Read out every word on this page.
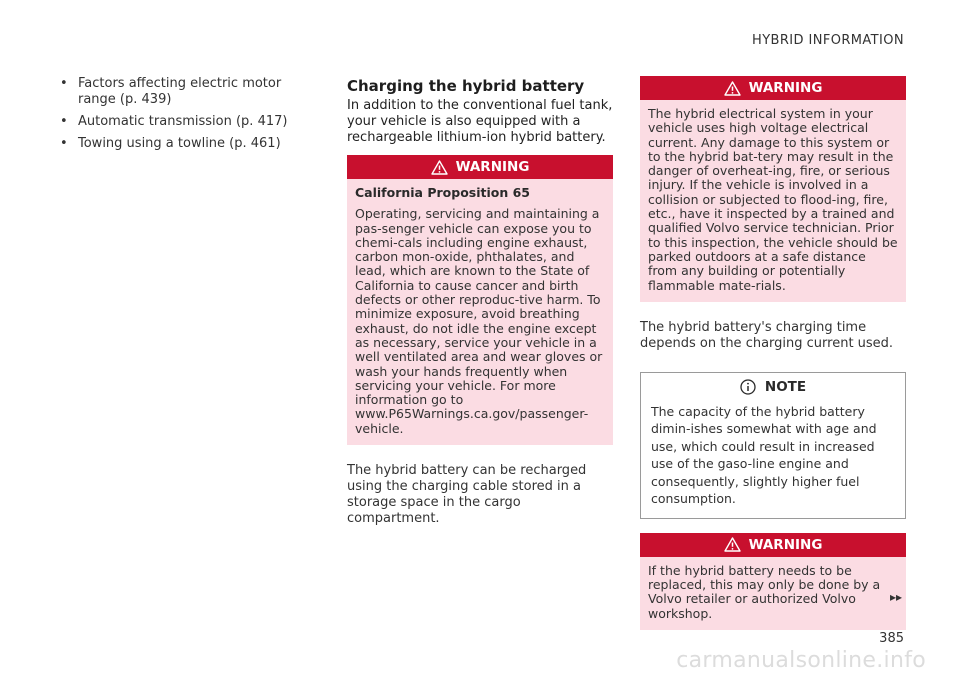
HYBRID INFORMATION
• Factors affecting electric motor range (p. 439)
• Automatic transmission (p. 417)
• Towing using a towline (p. 461)
Charging the hybrid battery

In addition to the conventional fuel tank, your vehicle is also equipped with a rechargeable lithium-ion hybrid battery.

WARNING

California Proposition 65

Operating, servicing and maintaining a pas-senger vehicle can expose you to chemi-cals including engine exhaust, carbon mon-oxide, phthalates, and lead, which are known to the State of California to cause cancer and birth defects or other reproduc-tive harm. To minimize exposure, avoid breathing exhaust, do not idle the engine except as necessary, service your vehicle in a well ventilated area and wear gloves or wash your hands frequently when servicing your vehicle. For more information go to www.P65Warnings.ca.gov/passenger-vehicle.

The hybrid battery can be recharged using the charging cable stored in a storage space in the cargo compartment.

WARNING

The hybrid electrical system in your vehicle uses high voltage electrical current. Any damage to this system or to the hybrid bat-tery may result in the danger of overheat-ing, fire, or serious injury. If the vehicle is involved in a collision or subjected to flood-ing, fire, etc., have it inspected by a trained and qualified Volvo service technician. Prior to this inspection, the vehicle should be parked outdoors at a safe distance from any building or potentially flammable mate-rials.

The hybrid battery's charging time depends on the charging current used.

NOTE

The capacity of the hybrid battery dimin-ishes somewhat with age and use, which could result in increased use of the gaso-line engine and consequently, slightly higher fuel consumption.

WARNING

If the hybrid battery needs to be replaced, this may only be done by a Volvo retailer or authorized Volvo workshop.

▸▸
385
carmanualsonline.info
